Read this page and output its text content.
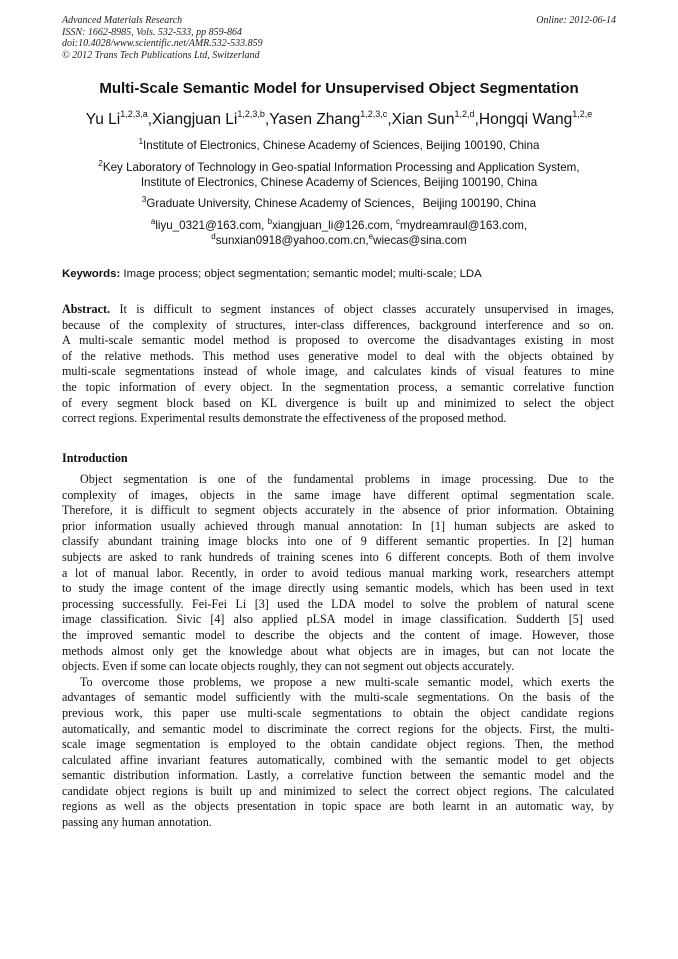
Advanced Materials Research
ISSN: 1662-8985, Vols. 532-533, pp 859-864
doi:10.4028/www.scientific.net/AMR.532-533.859
© 2012 Trans Tech Publications Ltd, Switzerland
Online: 2012-06-14
Multi-Scale Semantic Model for Unsupervised Object Segmentation
Yu Li$^{1,2,3,a}$,Xiangjuan Li$^{1,2,3,b}$,Yasen Zhang$^{1,2,3,c}$,Xian Sun$^{1,2,d}$,Hongqi Wang$^{1,2,e}$
$^1$Institute of Electronics, Chinese Academy of Sciences, Beijing 100190, China
$^2$Key Laboratory of Technology in Geo-spatial Information Processing and Application System,
Institute of Electronics, Chinese Academy of Sciences, Beijing 100190, China
$^3$Graduate University, Chinese Academy of Sciences，Beijing 100190, China
$^a$liyu_0321@163.com, $^b$xiangjuan_li@126.com, $^c$mydreamraul@163.com,
$^d$sunxian0918@yahoo.com.cn,$^e$wiecas@sina.com
Keywords: Image process; object segmentation; semantic model; multi-scale; LDA
Abstract. It is difficult to segment instances of object classes accurately unsupervised in images,
because of the complexity of structures, inter-class differences, background interference and so on.
A multi-scale semantic model method is proposed to overcome the disadvantages existing in most
of the relative methods. This method uses generative model to deal with the objects obtained by
multi-scale segmentations instead of whole image, and calculates kinds of visual features to mine
the topic information of every object. In the segmentation process, a semantic correlative function
of every segment block based on KL divergence is built up and minimized to select the object
correct regions. Experimental results demonstrate the effectiveness of the proposed method.
Introduction
Object segmentation is one of the fundamental problems in image processing. Due to the
complexity of images, objects in the same image have different optimal segmentation scale.
Therefore, it is difficult to segment objects accurately in the absence of prior information. Obtaining
prior information usually achieved through manual annotation: In [1] human subjects are asked to
classify abundant training image blocks into one of 9 different semantic properties. In [2] human
subjects are asked to rank hundreds of training scenes into 6 different concepts. Both of them involve
a lot of manual labor. Recently, in order to avoid tedious manual marking work, researchers attempt
to study the image content of the image directly using semantic models, which has been used in text
processing successfully. Fei-Fei Li [3] used the LDA model to solve the problem of natural scene
image classification. Sivic [4] also applied pLSA model in image classification. Sudderth [5] used
the improved semantic model to describe the objects and the content of image. However, those
methods almost only get the knowledge about what objects are in images, but can not locate the
objects. Even if some can locate objects roughly, they can not segment out objects accurately.
To overcome those problems, we propose a new multi-scale semantic model, which exerts the
advantages of semantic model sufficiently with the multi-scale segmentations. On the basis of the
previous work, this paper use multi-scale segmentations to obtain the object candidate regions
automatically, and semantic model to discriminate the correct regions for the objects. First, the multi-
scale image segmentation is employed to the obtain candidate object regions. Then, the method
calculated affine invariant features automatically, combined with the semantic model to get objects
semantic distribution information. Lastly, a correlative function between the semantic model and the
candidate object regions is built up and minimized to select the correct object regions. The calculated
regions as well as the objects presentation in topic space are both learnt in an automatic way, by
passing any human annotation.
